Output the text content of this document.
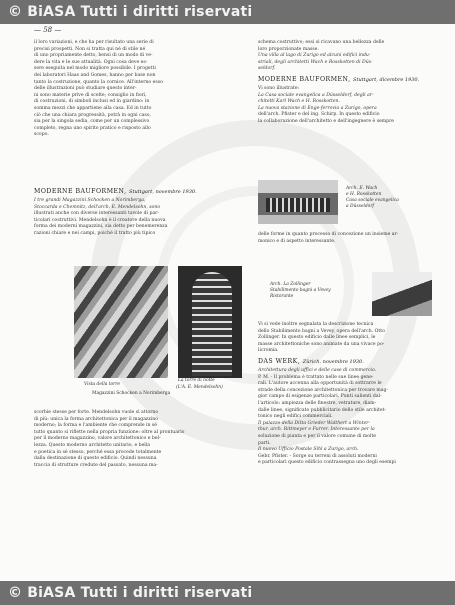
© BiASA Tutti i diritti riservati
— 58 —
il loro variazioni, e che ha per risultato una serie di
precisi prospetti. Non si tratta qui né di stile né
di uno propriamente detto, bensì di un modo di ve-
dere la vita e le sue attualità. Ogni cosa deve es-
sere eseguita nel modo migliore possibile. I progetti
dei laboratori Haas and Gomes, hanno per base non
tanto la costruzione, quanto la cornice. All'interno esso
delle illustrazioni può studiare questo inter-
ni sono materie prive di scelte; consiglio in fiori,
di costruzioni, di simboli inclusi ed in giardino: in
somma mezzi che appartiene alla casa. Ed in tutto
ciò che una chiara progressità, potrà in ogni caso,
sia per la singola sedia, come per un complessivo
completo, regna uno spirito pratico e risposto allo
scopo.
MODERNE BAUFORMEN, Stuttgart, novembre 1930.
I tre grandi Magazzini Schocken a Norimberga,
Stoccarda e Chemnitz, dell'arch. E. Mendelsohn, sono
illustrati anche con diverse interessanti tavole di par-
ticolari costruttivi. Mendelsohn è il creatore della nuova
forma dei moderni magazzini, sia detto per benemerenza
razioni chiare e nei campi, poiché il tratto più tipico
Vista della torre
La torre di notte
(L'A. E. Mendelsohn)
Magazzini Schocken a Norimberga
scorbie stesse per forte. Mendelsohn vuole sì attorno
di più: unica la forma architettonica per il magazzino
moderno; la forma e l'ambiente che comprende in sé
tutto quanto si riflette nella propria funzione: oltre al prontuario
per il moderno magazzino, valore architettonico e bel-
lezza. Questo moderno architetto unitario, e bella
e poetica in sé stesso, perché essa procede totalmente
dalla destinazione di questo edificio. Quindi nessuna
traccia di strutture credute del passato, nessuna ma-
schema costruttivo; essi si ricavano una bellezza delle
loro proporzionate masse.
Una villa al lago di Zurigo ed alcuni edifici indu-
striali, degli architetti Wach e Rosskotten di Düs-
seldorf.
MODERNE BAUFORMEN, Stuttgart, dicembre 1930.
Vi sono illustrate:
La Casa sociale evangelica a Düsseldorf, degli ar-
chitetti Karl Wach e H. Rosskotten.
La nuova stazione di Enge-ferrovia a Zurigo, opera
dell'arch. Pfister e del ing. Schirp. In questo edificio
la collaborazione dell'architetto e dell'ingegnere è sempre
Arch. E. Wach
e H. Rosskotten
Casa sociale evangelica
a Düsseldorf
delle forme in quanto processo di concezione un insieme ar-
monico e di aspetto interessante.
Arch. La Zollinger
Stabilimento bagni a Vevey
Ristorante
Vi si vede inoltre segnalata la descrizione tecnica
dello Stabilimento bagni a Vevey, opera dell'arch. Otto
Zollinger. In questo edificio dalle linee semplici, le
masse architettoniche sono animate da una vivace po-
licromia.
DAS WERK, Zürich, novembre 1930.
Architettura degli uffici e delle case di commercio.
P. M. - Il problema è trattato nelle sue linee gene-
rali. L'autore accenna alla opportunità di sottrarre le
strade della concezione architettonica per trovare mag-
gior campo di esigenze particolari. Punti salienti dal-
l'articolo: ampiezza delle finestre, vetrature, diam-
dalle linee, significato pubblicitario dello stile architet-
tonico negli edifici commerciali.
Il palazzo della Ditta Grieder Walthert a Winter-
thur, arch. Rittmeyer e Furrer. Interessante per la
soluzione di pianta e per il valore comune di molte
parti.
Il nuovo Ufficio Postale Sihl a Zurigo, arch.
Gebr. Pfister. - Sorge su terreni di assoluti moderni
e particolari questo edificio contrassegna uno degli esempi
© BiASA Tutti i diritti riservati
